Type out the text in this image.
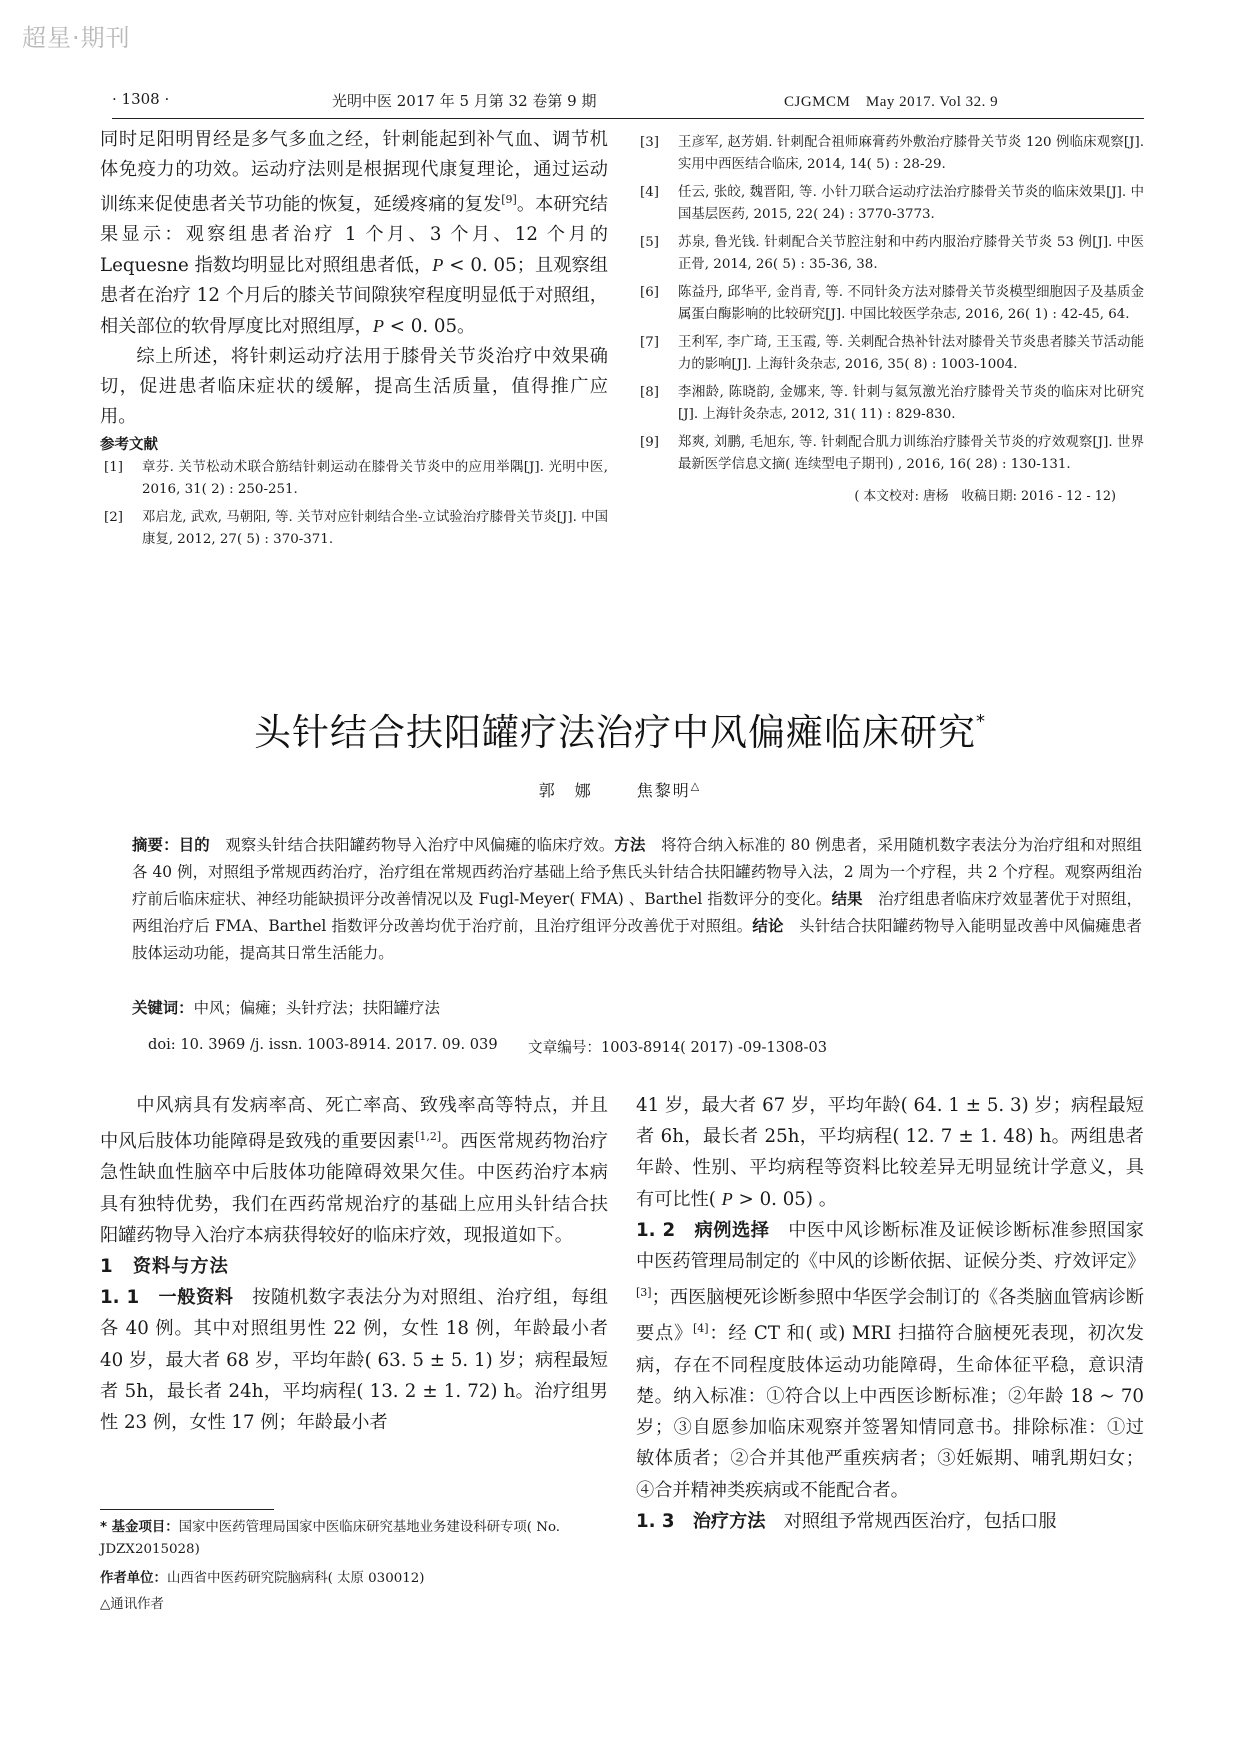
超星·期刊
· 1308 ·	光明中医 2017 年 5 月第 32 卷第 9 期	CJGMCM　May 2017. Vol 32. 9

同时足阳明胃经是多气多血之经，针刺能起到补气血、调节机体免疫力的功效。运动疗法则是根据现代康复理论，通过运动训练来促使患者关节功能的恢复，延缓疼痛的复发[9]。本研究结果显示：观察组患者治疗 1 个月、3 个月、12 个月的 Lequesne 指数均明显比对照组患者低，P < 0. 05；且观察组患者在治疗 12 个月后的膝关节间隙狭窄程度明显低于对照组，相关部位的软骨厚度比对照组厚，P < 0. 05。

综上所述，将针刺运动疗法用于膝骨关节炎治疗中效果确切，促进患者临床症状的缓解，提高生活质量，值得推广应用。

参考文献
[1]	章芬. 关节松动术联合筋结针刺运动在膝骨关节炎中的应用举隅[J]. 光明中医, 2016, 31( 2) : 250-251.
[2]	邓启龙, 武欢, 马朝阳, 等. 关节对应针刺结合坐-立试验治疗膝骨关节炎[J]. 中国康复, 2012, 27( 5) : 370-371.
[3]	王彦军, 赵芳娟. 针刺配合祖师麻膏药外敷治疗膝骨关节炎 120 例临床观察[J]. 实用中西医结合临床, 2014, 14( 5) : 28-29.
[4]	任云, 张皎, 魏晋阳, 等. 小针刀联合运动疗法治疗膝骨关节炎的临床效果[J]. 中国基层医药, 2015, 22( 24) : 3770-3773.
[5]	苏泉, 鲁光钱. 针刺配合关节腔注射和中药内服治疗膝骨关节炎 53 例[J]. 中医正骨, 2014, 26( 5) : 35-36, 38.
[6]	陈益丹, 邱华平, 金肖青, 等. 不同针灸方法对膝骨关节炎模型细胞因子及基质金属蛋白酶影响的比较研究[J]. 中国比较医学杂志, 2016, 26( 1) : 42-45, 64.
[7]	王利军, 李广琦, 王玉霞, 等. 关刺配合热补针法对膝骨关节炎患者膝关节活动能力的影响[J]. 上海针灸杂志, 2016, 35( 8) : 1003-1004.
[8]	李湘龄, 陈晓韵, 金娜来, 等. 针刺与氦氖激光治疗膝骨关节炎的临床对比研究[J]. 上海针灸杂志, 2012, 31( 11) : 829-830.
[9]	郑爽, 刘鹏, 毛旭东, 等. 针刺配合肌力训练治疗膝骨关节炎的疗效观察[J]. 世界最新医学信息文摘( 连续型电子期刊) , 2016, 16( 28) : 130-131.
( 本文校对: 唐杨　收稿日期: 2016 - 12 - 12)
头针结合扶阳罐疗法治疗中风偏瘫临床研究*
郭　娜	焦黎明△
摘要：目的　观察头针结合扶阳罐药物导入治疗中风偏瘫的临床疗效。方法　将符合纳入标准的 80 例患者，采用随机数字表法分为治疗组和对照组各 40 例，对照组予常规西药治疗，治疗组在常规西药治疗基础上给予焦氏头针结合扶阳罐药物导入法，2 周为一个疗程，共 2 个疗程。观察两组治疗前后临床症状、神经功能缺损评分改善情况以及 Fugl-Meyer( FMA) 、Barthel 指数评分的变化。结果　治疗组患者临床疗效显著优于对照组，两组治疗后 FMA、Barthel 指数评分改善均优于治疗前，且治疗组评分改善优于对照组。结论　头针结合扶阳罐药物导入能明显改善中风偏瘫患者肢体运动功能，提高其日常生活能力。
关键词：中风；偏瘫；头针疗法；扶阳罐疗法
doi: 10. 3969 /j. issn. 1003-8914. 2017. 09. 039 文章编号：1003-8914( 2017) -09-1308-03

中风病具有发病率高、死亡率高、致残率高等特点，并且中风后肢体功能障碍是致残的重要因素[1,2]。西医常规药物治疗急性缺血性脑卒中后肢体功能障碍效果欠佳。中医药治疗本病具有独特优势，我们在西药常规治疗的基础上应用头针结合扶阳罐药物导入治疗本病获得较好的临床疗效，现报道如下。

1　资料与方法

1. 1　一般资料　按随机数字表法分为对照组、治疗组，每组各 40 例。其中对照组男性 22 例，女性 18 例，年龄最小者 40 岁，最大者 68 岁，平均年龄( 63. 5 ± 5. 1) 岁；病程最短者 5h，最长者 24h，平均病程( 13. 2 ± 1. 72) h。治疗组男性 23 例，女性 17 例；年龄最小者

* 基金项目：国家中医药管理局国家中医临床研究基地业务建设科研专项( No. JDZX2015028)
作者单位：山西省中医药研究院脑病科( 太原 030012)
△通讯作者

41 岁，最大者 67 岁，平均年龄( 64. 1 ± 5. 3) 岁；病程最短者 6h，最长者 25h，平均病程( 12. 7 ± 1. 48) h。两组患者年龄、性别、平均病程等资料比较差异无明显统计学意义，具有可比性( P > 0. 05) 。

1. 2　病例选择　中医中风诊断标准及证候诊断标准参照国家中医药管理局制定的《中风的诊断依据、证候分类、疗效评定》[3]；西医脑梗死诊断参照中华医学会制订的《各类脑血管病诊断要点》[4]：经 CT 和( 或) MRI 扫描符合脑梗死表现，初次发病，存在不同程度肢体运动功能障碍，生命体征平稳，意识清楚。纳入标准：①符合以上中西医诊断标准；②年龄 18 ~ 70 岁；③自愿参加临床观察并签署知情同意书。排除标准：①过敏体质者；②合并其他严重疾病者；③妊娠期、哺乳期妇女；④合并精神类疾病或不能配合者。

1. 3　治疗方法　对照组予常规西医治疗，包括口服
